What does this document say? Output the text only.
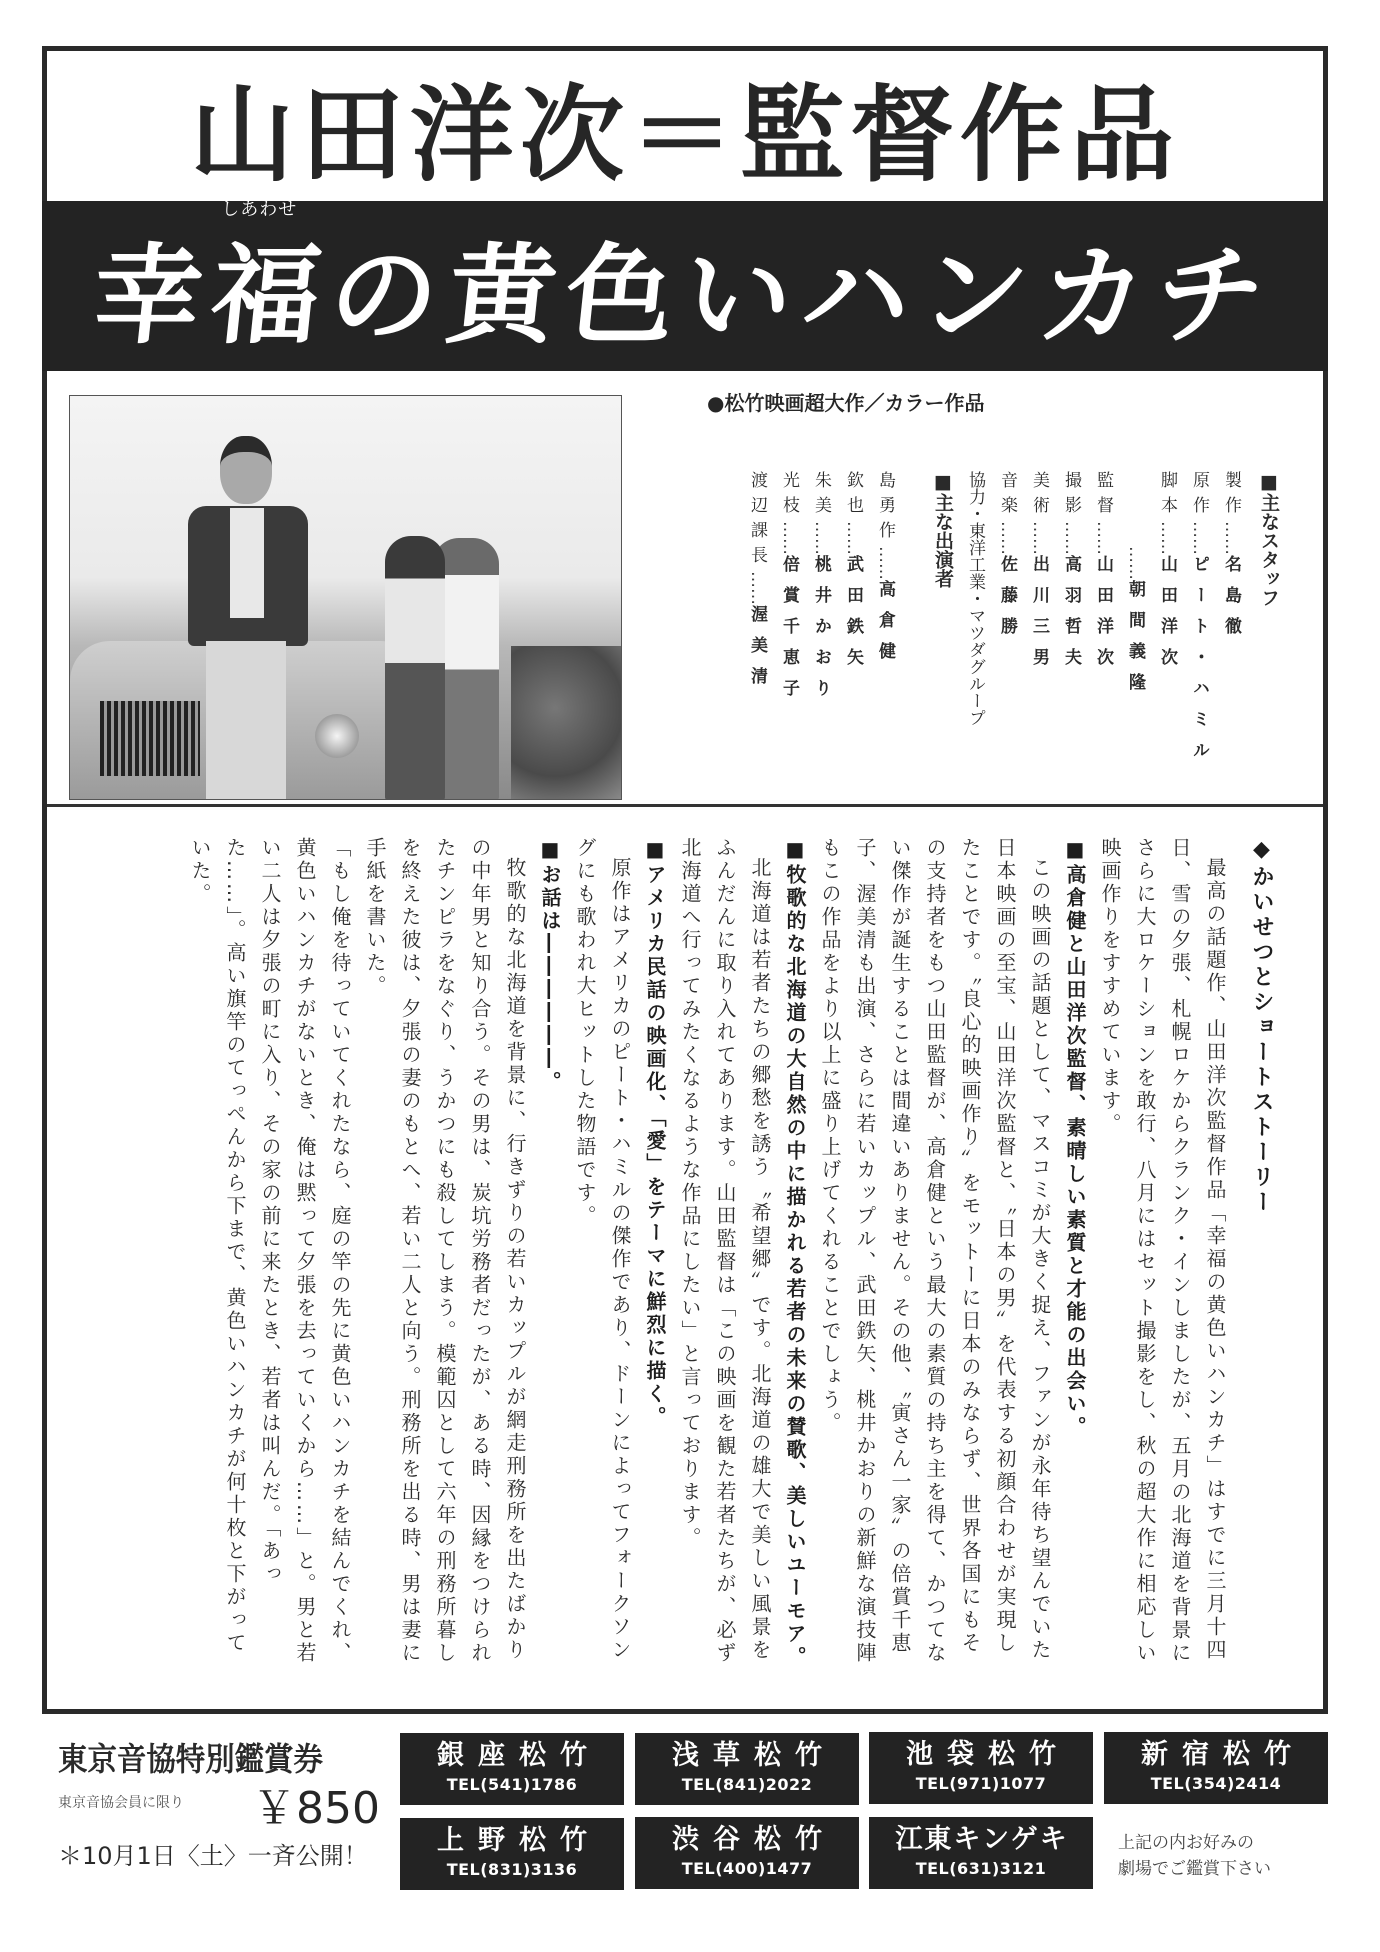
山田洋次＝監督作品
しあわせ
幸福の黄色いハンカチ
●松竹映画超大作／カラー作品
■主なスタッフ
製作……名島徹
原作……ピート・ハミル
脚本……山田洋次
　　　……朝間義隆
監督……山田洋次
撮影……高羽哲夫
美術……出川三男
音楽……佐藤勝
協力・東洋工業・マツダグループ
■主な出演者
島勇作……高倉健
欽也……武田鉄矢
朱美……桃井かおり
光枝……倍賞千恵子
渡辺課長……渥美清

◆かいせつとショートストーリー

最高の話題作、山田洋次監督作品「幸福の黄色いハンカチ」はすでに三月十四日、雪の夕張、札幌ロケからクランク・インしましたが、五月の北海道を背景にさらに大ロケーションを敢行、八月にはセット撮影をし、秋の超大作に相応しい映画作りをすすめています。

■高倉健と山田洋次監督、素晴しい素質と才能の出会い。

この映画の話題として、マスコミが大きく捉え、ファンが永年待ち望んでいた日本映画の至宝、山田洋次監督と、〝日本の男〟を代表する初顔合わせが実現したことです。〝良心的映画作り〟をモットーに日本のみならず、世界各国にもその支持者をもつ山田監督が、高倉健という最大の素質の持ち主を得て、かつてない傑作が誕生することは間違いありません。その他、〝寅さん一家〟の倍賞千恵子、渥美清も出演、さらに若いカップル、武田鉄矢、桃井かおりの新鮮な演技陣もこの作品をより以上に盛り上げてくれることでしょう。

■牧歌的な北海道の大自然の中に描かれる若者の未来の賛歌、美しいユーモア。

北海道は若者たちの郷愁を誘う〝希望郷〟です。北海道の雄大で美しい風景をふんだんに取り入れてあります。山田監督は「この映画を観た若者たちが、必ず北海道へ行ってみたくなるような作品にしたい」と言っております。

■アメリカ民話の映画化、「愛」をテーマに鮮烈に描く。

原作はアメリカのピート・ハミルの傑作であり、ドーンによってフォークソングにも歌われ大ヒットした物語です。

■お話は――――――。

牧歌的な北海道を背景に、行きずりの若いカップルが網走刑務所を出たばかりの中年男と知り合う。その男は、炭坑労務者だったが、ある時、因縁をつけられたチンピラをなぐり、うかつにも殺してしまう。模範囚として六年の刑務所暮しを終えた彼は、夕張の妻のもとへ、若い二人と向う。刑務所を出る時、男は妻に手紙を書いた。

「もし俺を待っていてくれたなら、庭の竿の先に黄色いハンカチを結んでくれ、黄色いハンカチがないとき、俺は黙って夕張を去っていくから……」と。男と若い二人は夕張の町に入り、その家の前に来たとき、若者は叫んだ。「あった……」。高い旗竿のてっぺんから下まで、黄色いハンカチが何十枚と下がっていた。

東京音協特別鑑賞券
東京音協会員に限り ￥850
＊10月1日〈土〉一斉公開！
銀座松竹
TEL(541)1786
浅草松竹
TEL(841)2022
池袋松竹
TEL(971)1077
新宿松竹
TEL(354)2414
上野松竹
TEL(831)3136
渋谷松竹
TEL(400)1477
江東キンゲキ
TEL(631)3121
上記の内お好みの
劇場でご鑑賞下さい
